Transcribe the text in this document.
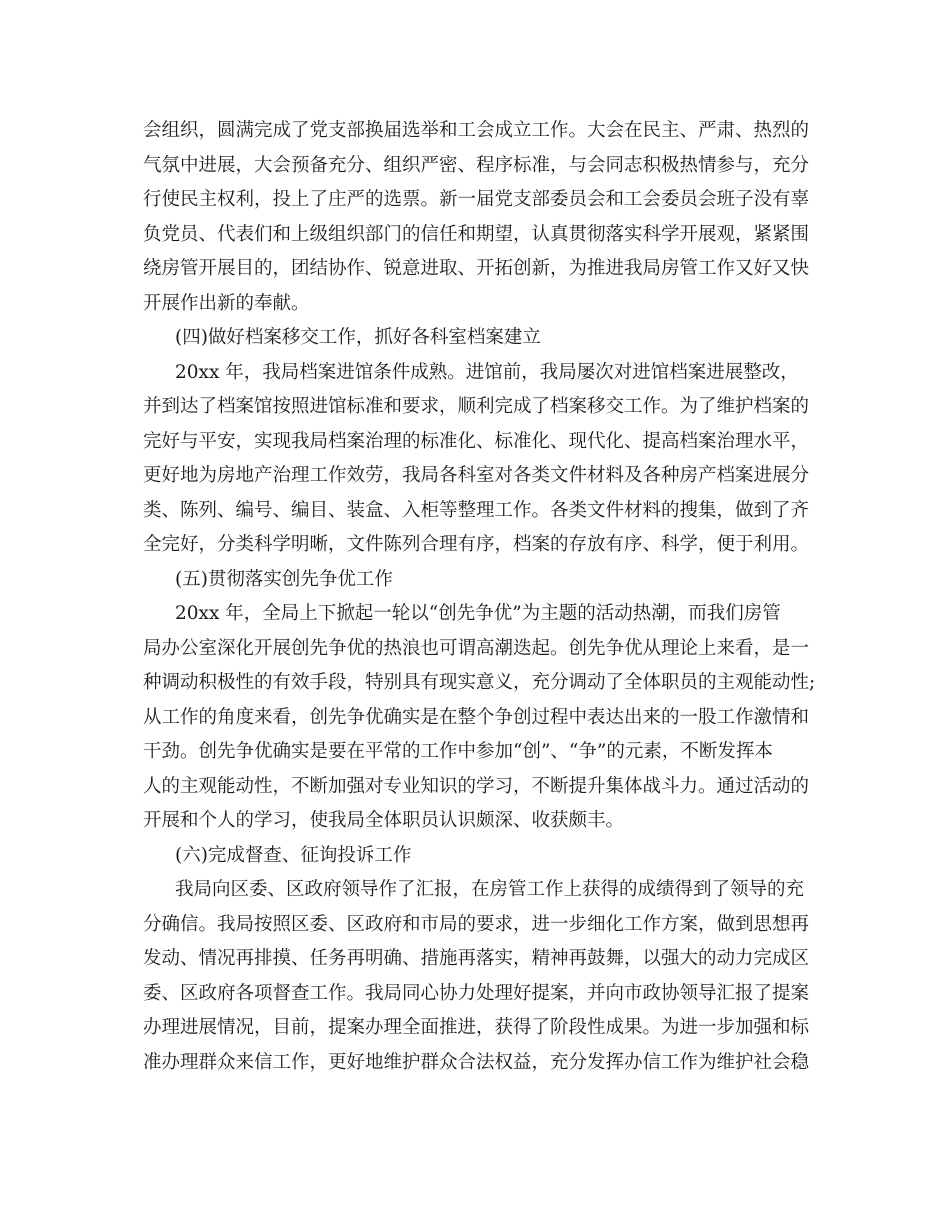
会组织，圆满完成了党支部换届选举和工会成立工作。大会在民主、严肃、热烈的
气氛中进展，大会预备充分、组织严密、程序标准，与会同志积极热情参与，充分
行使民主权利，投上了庄严的选票。新一届党支部委员会和工会委员会班子没有辜
负党员、代表们和上级组织部门的信任和期望，认真贯彻落实科学开展观，紧紧围
绕房管开展目的，团结协作、锐意进取、开拓创新，为推进我局房管工作又好又快
开展作出新的奉献。
(四)做好档案移交工作，抓好各科室档案建立
20xx 年，我局档案进馆条件成熟。进馆前，我局屡次对进馆档案进展整改，
并到达了档案馆按照进馆标准和要求，顺利完成了档案移交工作。为了维护档案的
完好与平安，实现我局档案治理的标准化、标准化、现代化、提高档案治理水平，
更好地为房地产治理工作效劳，我局各科室对各类文件材料及各种房产档案进展分
类、陈列、编号、编目、装盒、入柜等整理工作。各类文件材料的搜集，做到了齐
全完好，分类科学明晰，文件陈列合理有序，档案的存放有序、科学，便于利用。
(五)贯彻落实创先争优工作
20xx 年，全局上下掀起一轮以“创先争优”为主题的活动热潮，而我们房管
局办公室深化开展创先争优的热浪也可谓高潮迭起。创先争优从理论上来看，是一
种调动积极性的有效手段，特别具有现实意义，充分调动了全体职员的主观能动性;
从工作的角度来看，创先争优确实是在整个争创过程中表达出来的一股工作激情和
干劲。创先争优确实是要在平常的工作中参加“创”、“争”的元素，不断发挥本
人的主观能动性，不断加强对专业知识的学习，不断提升集体战斗力。通过活动的
开展和个人的学习，使我局全体职员认识颇深、收获颇丰。
(六)完成督查、征询投诉工作
我局向区委、区政府领导作了汇报，在房管工作上获得的成绩得到了领导的充
分确信。我局按照区委、区政府和市局的要求，进一步细化工作方案，做到思想再
发动、情况再排摸、任务再明确、措施再落实，精神再鼓舞，以强大的动力完成区
委、区政府各项督查工作。我局同心协力处理好提案，并向市政协领导汇报了提案
办理进展情况，目前，提案办理全面推进，获得了阶段性成果。为进一步加强和标
准办理群众来信工作，更好地维护群众合法权益，充分发挥办信工作为维护社会稳
